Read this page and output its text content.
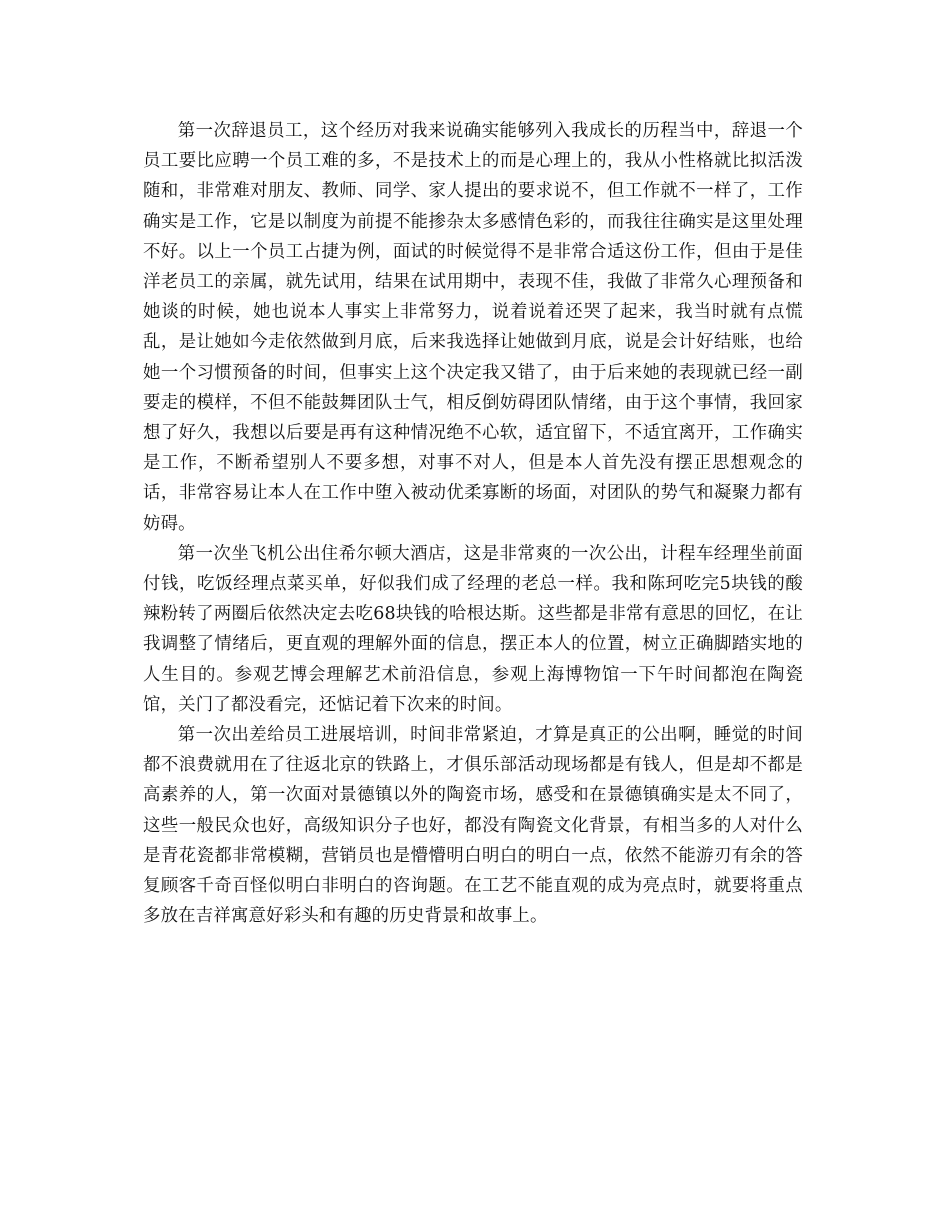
第一次辞退员工，这个经历对我来说确实能够列入我成长的历程当中，辞退一个员工要比应聘一个员工难的多，不是技术上的而是心理上的，我从小性格就比拟活泼随和，非常难对朋友、教师、同学、家人提出的要求说不，但工作就不一样了，工作确实是工作，它是以制度为前提不能掺杂太多感情色彩的，而我往往确实是这里处理不好。以上一个员工占捷为例，面试的时候觉得不是非常合适这份工作，但由于是佳洋老员工的亲属，就先试用，结果在试用期中，表现不佳，我做了非常久心理预备和她谈的时候，她也说本人事实上非常努力，说着说着还哭了起来，我当时就有点慌乱，是让她如今走依然做到月底，后来我选择让她做到月底，说是会计好结账，也给她一个习惯预备的时间，但事实上这个决定我又错了，由于后来她的表现就已经一副要走的模样，不但不能鼓舞团队士气，相反倒妨碍团队情绪，由于这个事情，我回家想了好久，我想以后要是再有这种情况绝不心软，适宜留下，不适宜离开，工作确实是工作，不断希望别人不要多想，对事不对人，但是本人首先没有摆正思想观念的话，非常容易让本人在工作中堕入被动优柔寡断的场面，对团队的势气和凝聚力都有妨碍。

第一次坐飞机公出住希尔顿大酒店，这是非常爽的一次公出，计程车经理坐前面付钱，吃饭经理点菜买单，好似我们成了经理的老总一样。我和陈珂吃完5块钱的酸辣粉转了两圈后依然决定去吃68块钱的哈根达斯。这些都是非常有意思的回忆，在让我调整了情绪后，更直观的理解外面的信息，摆正本人的位置，树立正确脚踏实地的人生目的。参观艺博会理解艺术前沿信息，参观上海博物馆一下午时间都泡在陶瓷馆，关门了都没看完，还惦记着下次来的时间。

第一次出差给员工进展培训，时间非常紧迫，才算是真正的公出啊，睡觉的时间都不浪费就用在了往返北京的铁路上，才俱乐部活动现场都是有钱人，但是却不都是高素养的人，第一次面对景德镇以外的陶瓷市场，感受和在景德镇确实是太不同了，这些一般民众也好，高级知识分子也好，都没有陶瓷文化背景，有相当多的人对什么是青花瓷都非常模糊，营销员也是懵懵明白明白的明白一点，依然不能游刃有余的答复顾客千奇百怪似明白非明白的咨询题。在工艺不能直观的成为亮点时，就要将重点多放在吉祥寓意好彩头和有趣的历史背景和故事上。
